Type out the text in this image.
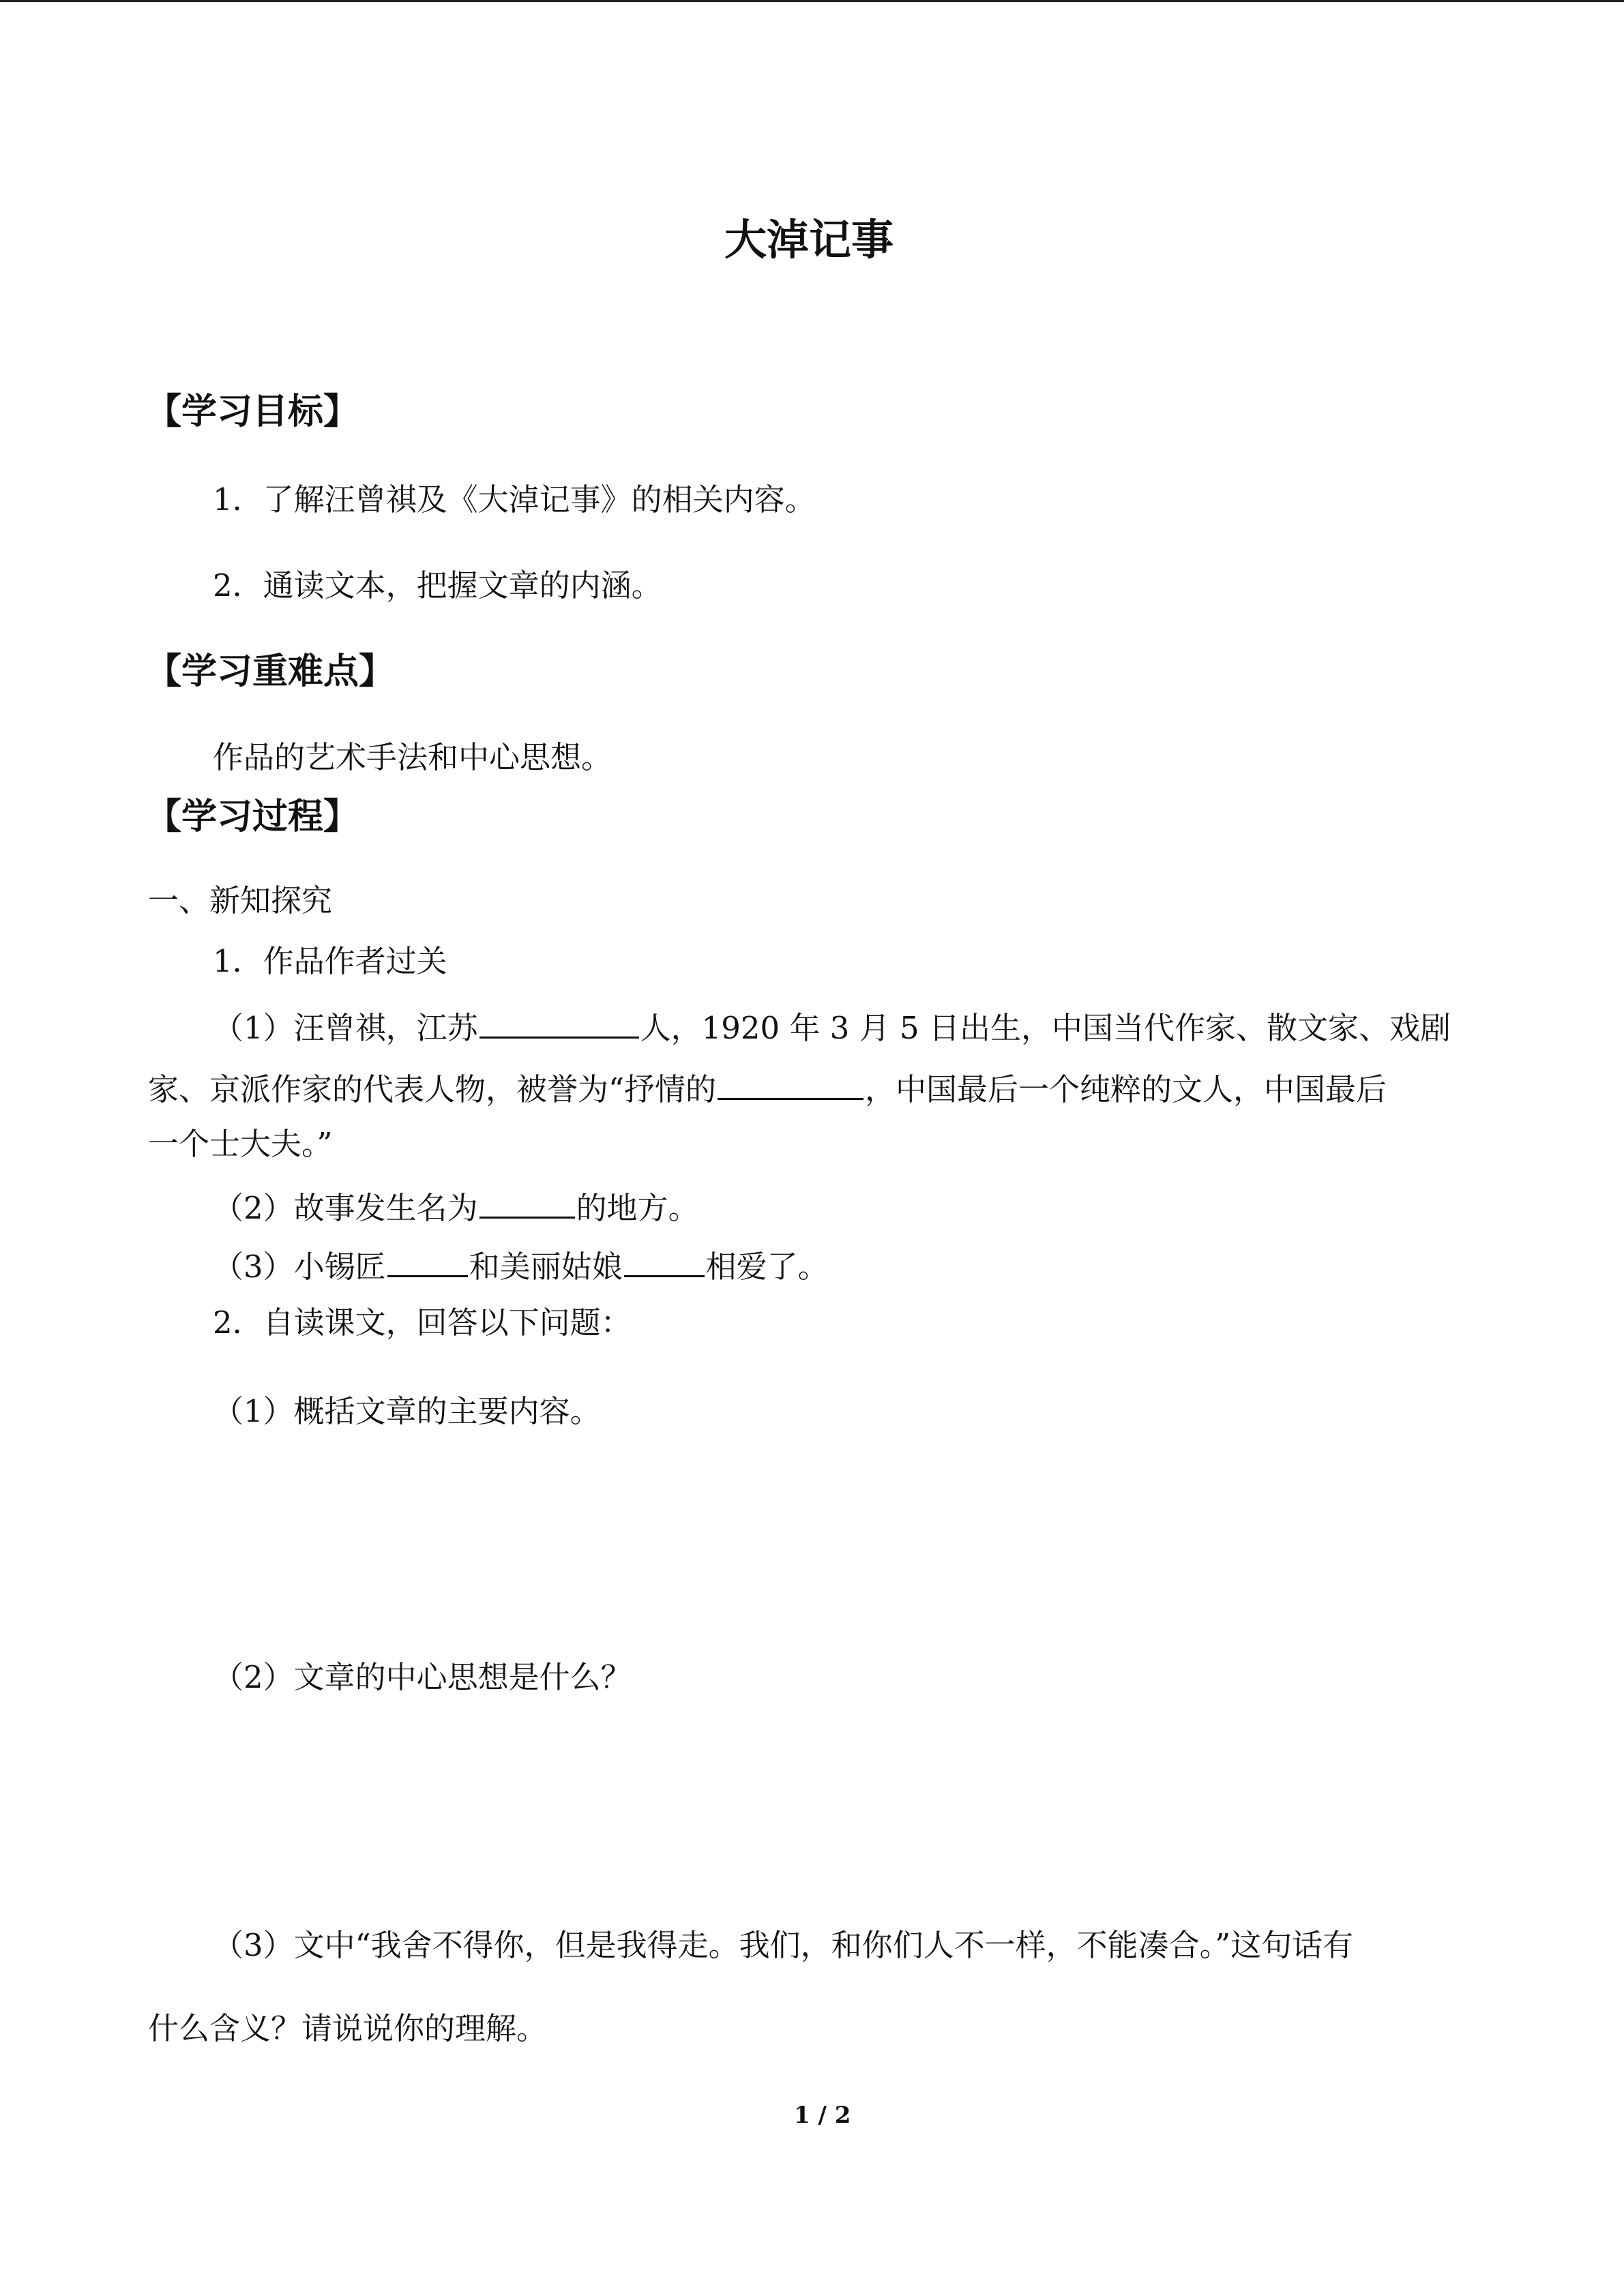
大淖记事
【学习目标】
1．了解汪曾祺及《大淖记事》的相关内容。
2．通读文本，把握文章的内涵。
【学习重难点】
作品的艺术手法和中心思想。
【学习过程】
一、新知探究
1．作品作者过关
（1）汪曾祺，江苏	人，1920 年 3 月 5 日出生，中国当代作家、散文家、戏剧
家、京派作家的代表人物，被誉为“抒情的	，中国最后一个纯粹的文人，中国最后
一个士大夫。”
（2）故事发生名为	的地方。
（3）小锡匠	和美丽姑娘	相爱了。
2．自读课文，回答以下问题：
（1）概括文章的主要内容。
（2）文章的中心思想是什么？
（3）文中“我舍不得你，但是我得走。我们，和你们人不一样，不能凑合。”这句话有
什么含义？请说说你的理解。
1 / 2
